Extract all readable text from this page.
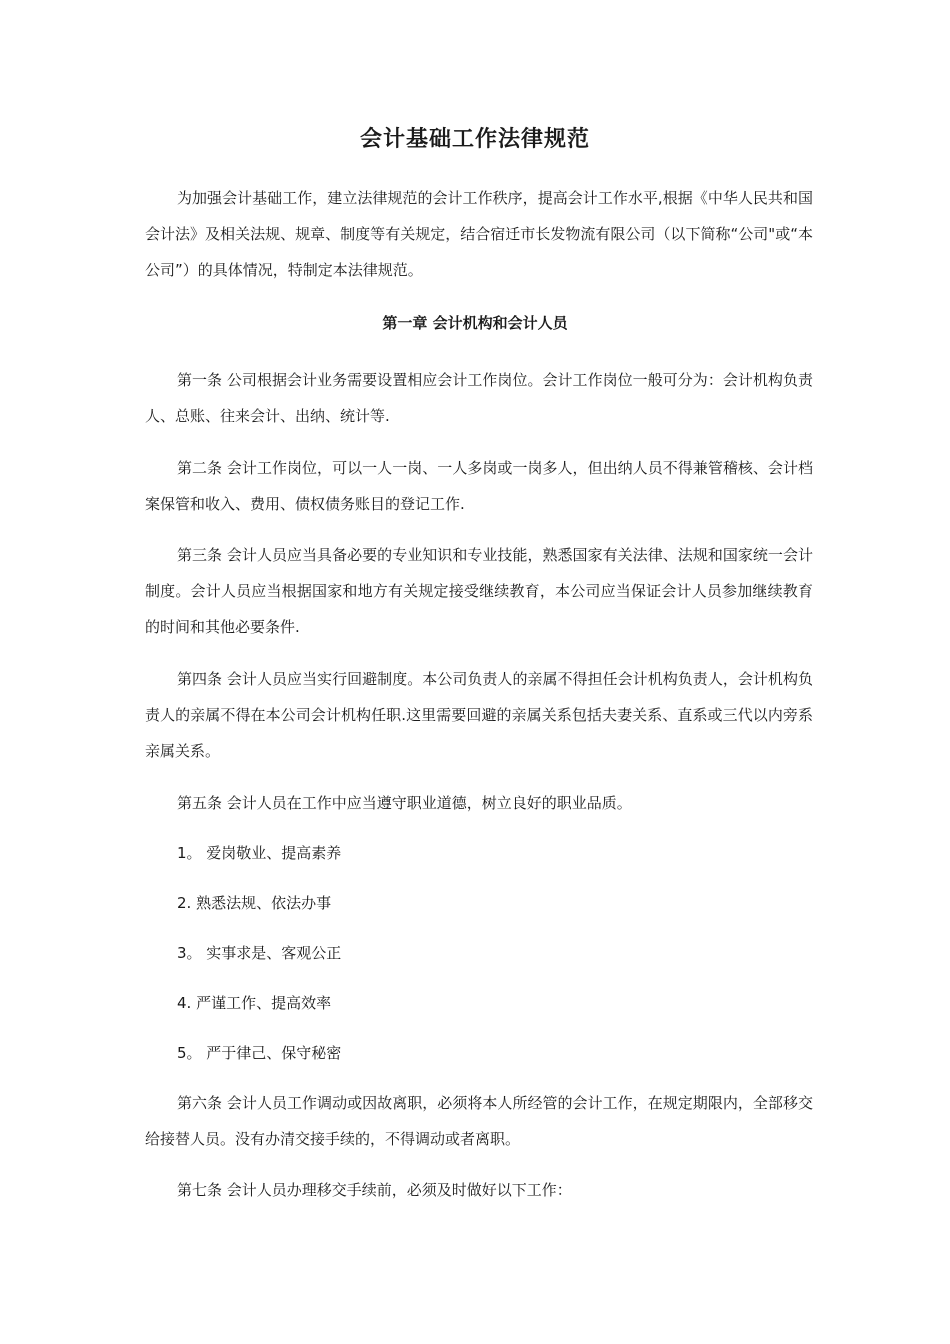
会计基础工作法律规范

为加强会计基础工作，建立法律规范的会计工作秩序，提高会计工作水平,根据《中华人民共和国会计法》及相关法规、规章、制度等有关规定，结合宿迁市长发物流有限公司（以下简称“公司"或“本公司”）的具体情况，特制定本法律规范。

第一章 会计机构和会计人员

第一条 公司根据会计业务需要设置相应会计工作岗位。会计工作岗位一般可分为：会计机构负责人、总账、往来会计、出纳、统计等.

第二条 会计工作岗位，可以一人一岗、一人多岗或一岗多人，但出纳人员不得兼管稽核、会计档案保管和收入、费用、债权债务账目的登记工作.

第三条 会计人员应当具备必要的专业知识和专业技能，熟悉国家有关法律、法规和国家统一会计制度。会计人员应当根据国家和地方有关规定接受继续教育，本公司应当保证会计人员参加继续教育的时间和其他必要条件.

第四条 会计人员应当实行回避制度。本公司负责人的亲属不得担任会计机构负责人，会计机构负责人的亲属不得在本公司会计机构任职.这里需要回避的亲属关系包括夫妻关系、直系或三代以内旁系亲属关系。

第五条 会计人员在工作中应当遵守职业道德，树立良好的职业品质。

1。 爱岗敬业、提高素养
2. 熟悉法规、依法办事
3。 实事求是、客观公正
4. 严谨工作、提高效率
5。 严于律己、保守秘密

第六条 会计人员工作调动或因故离职，必须将本人所经管的会计工作，在规定期限内，全部移交给接替人员。没有办清交接手续的，不得调动或者离职。

第七条 会计人员办理移交手续前，必须及时做好以下工作：
